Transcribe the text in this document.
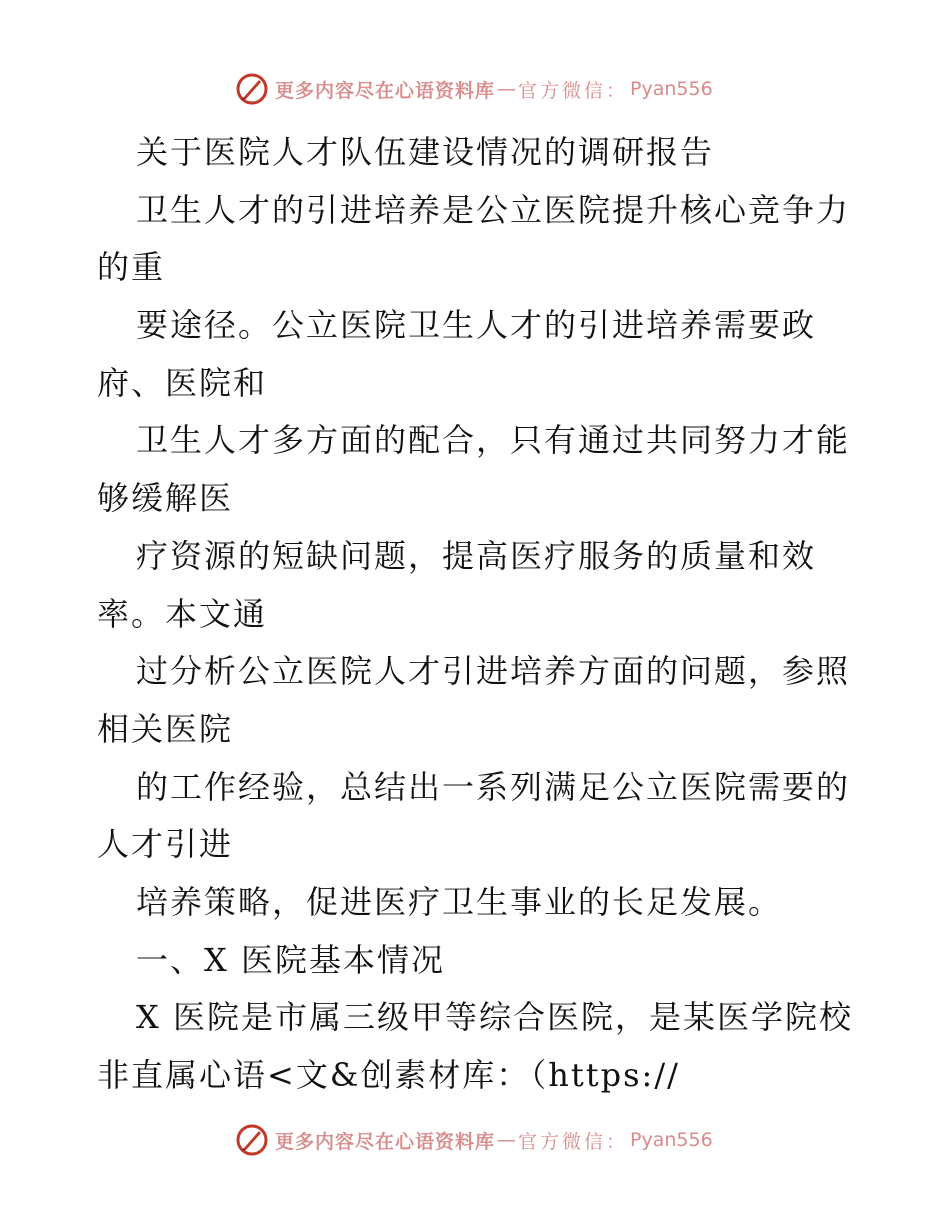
更多内容尽在心语资料库 — 官方微信： Pyan556
关于医院人才队伍建设情况的调研报告
卫生人才的引进培养是公立医院提升核心竞争力
的重
要途径。公立医院卫生人才的引进培养需要政
府、医院和
卫生人才多方面的配合，只有通过共同努力才能
够缓解医
疗资源的短缺问题，提高医疗服务的质量和效
率。本文通
过分析公立医院人才引进培养方面的问题，参照
相关医院
的工作经验，总结出一系列满足公立医院需要的
人才引进
培养策略，促进医疗卫生事业的长足发展。
一、X 医院基本情况
X 医院是市属三级甲等综合医院，是某医学院校
非直属心语<文&创素材库：（https://
更多内容尽在心语资料库 — 官方微信： Pyan556
